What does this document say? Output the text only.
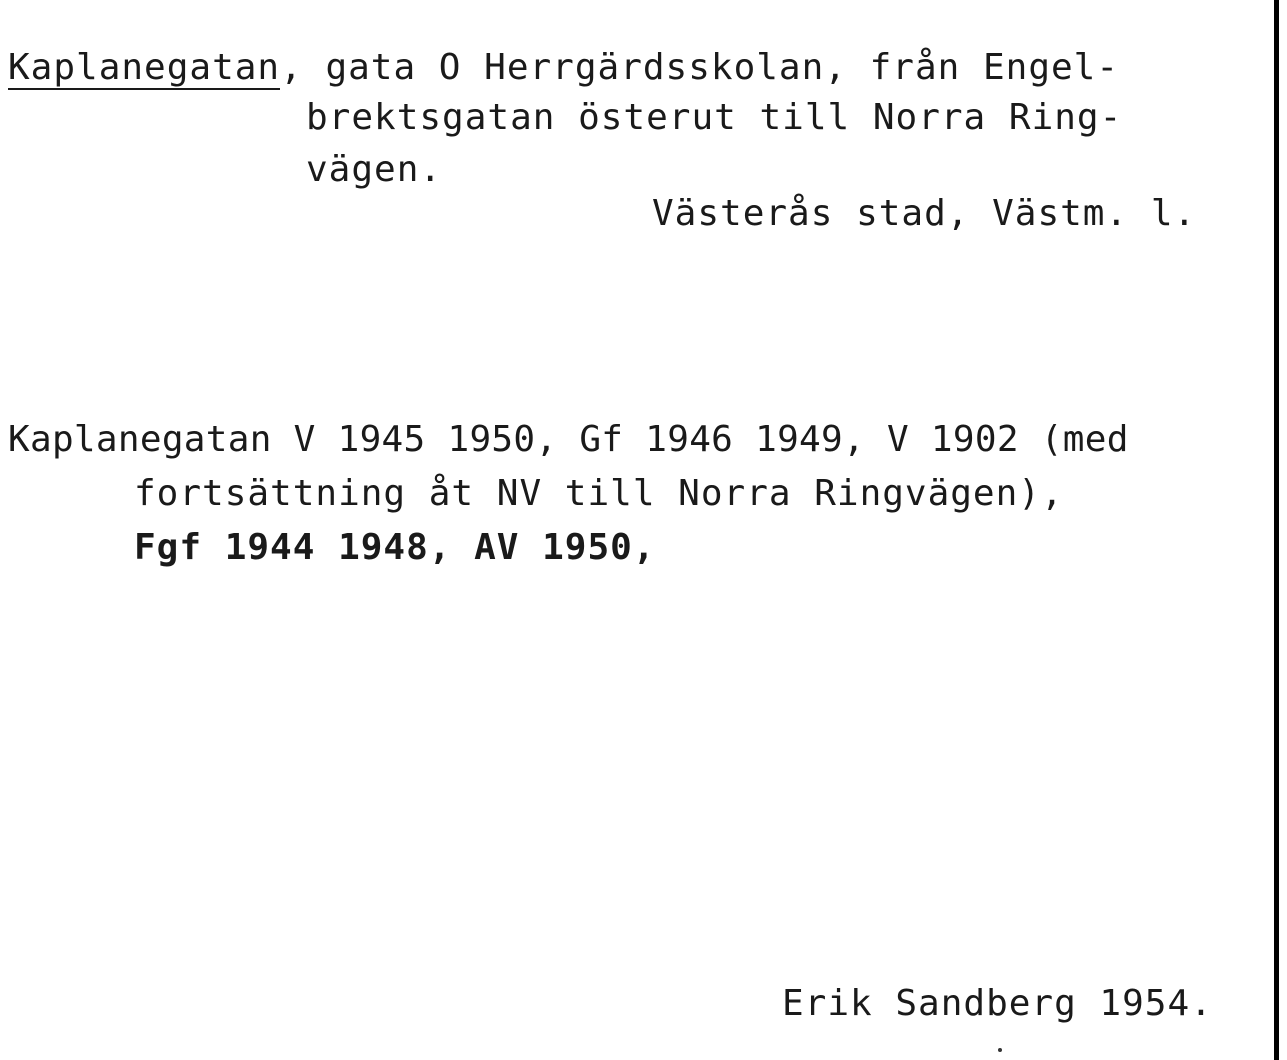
Kaplanegatan, gata O Herrgärdsskolan, från Engel-
brektsgatan österut till Norra Ring-
vägen.
Västerås stad, Västm. l.
Kaplanegatan V 1945 1950, Gf 1946 1949, V 1902 (med
fortsättning åt NV till Norra Ringvägen),
Fgf 1944 1948, AV 1950,
Erik Sandberg 1954.
